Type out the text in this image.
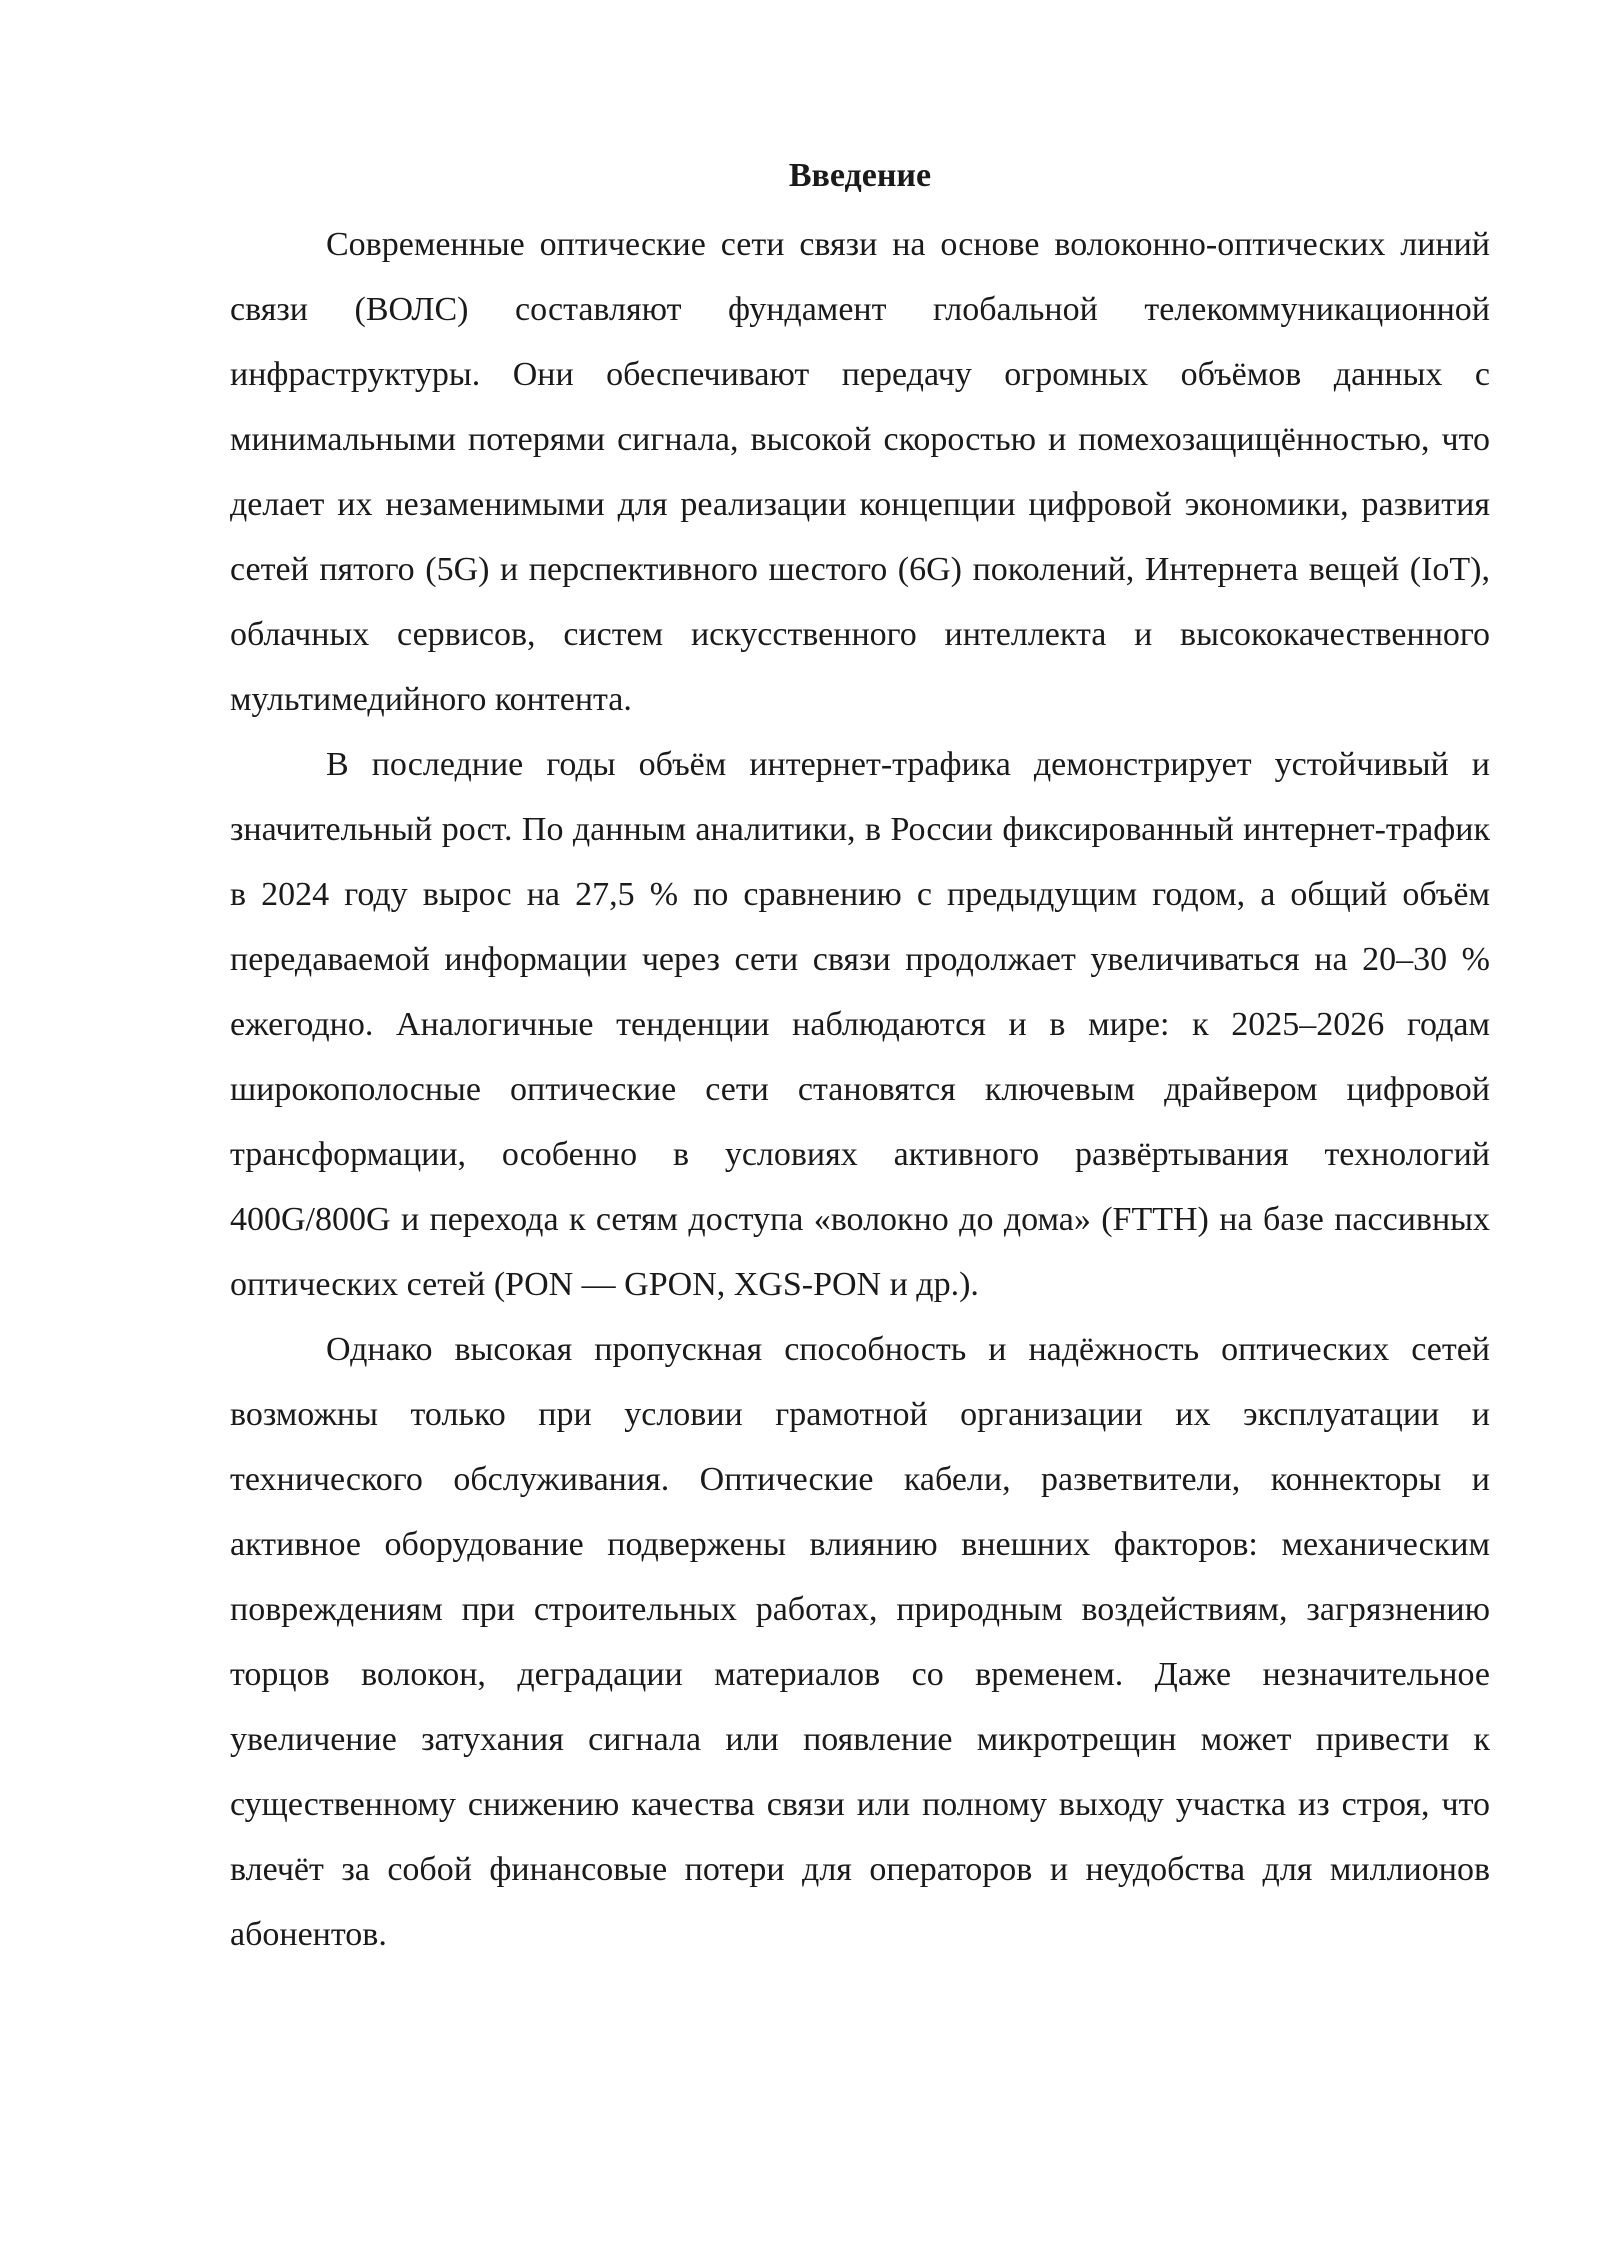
Введение

Современные оптические сети связи на основе волоконно-оптических линий связи (ВОЛС) составляют фундамент глобальной телекоммуникационной инфраструктуры. Они обеспечивают передачу огромных объёмов данных с минимальными потерями сигнала, высокой скоростью и помехозащищённостью, что делает их незаменимыми для реализации концепции цифровой экономики, развития сетей пятого (5G) и перспективного шестого (6G) поколений, Интернета вещей (IoT), облачных сервисов, систем искусственного интеллекта и высококачественного мультимедийного контента.

В последние годы объём интернет-трафика демонстрирует устойчивый и значительный рост. По данным аналитики, в России фиксированный интернет-трафик в 2024 году вырос на 27,5 % по сравнению с предыдущим годом, а общий объём передаваемой информации через сети связи продолжает увеличиваться на 20–30 % ежегодно. Аналогичные тенденции наблюдаются и в мире: к 2025–2026 годам широкополосные оптические сети становятся ключевым драйвером цифровой трансформации, особенно в условиях активного развёртывания технологий 400G/800G и перехода к сетям доступа «волокно до дома» (FTTH) на базе пассивных оптических сетей (PON — GPON, XGS-PON и др.).

Однако высокая пропускная способность и надёжность оптических сетей возможны только при условии грамотной организации их эксплуатации и технического обслуживания. Оптические кабели, разветвители, коннекторы и активное оборудование подвержены влиянию внешних факторов: механическим повреждениям при строительных работах, природным воздействиям, загрязнению торцов волокон, деградации материалов со временем. Даже незначительное увеличение затухания сигнала или появление микротрещин может привести к существенному снижению качества связи или полному выходу участка из строя, что влечёт за собой финансовые потери для операторов и неудобства для миллионов абонентов.
